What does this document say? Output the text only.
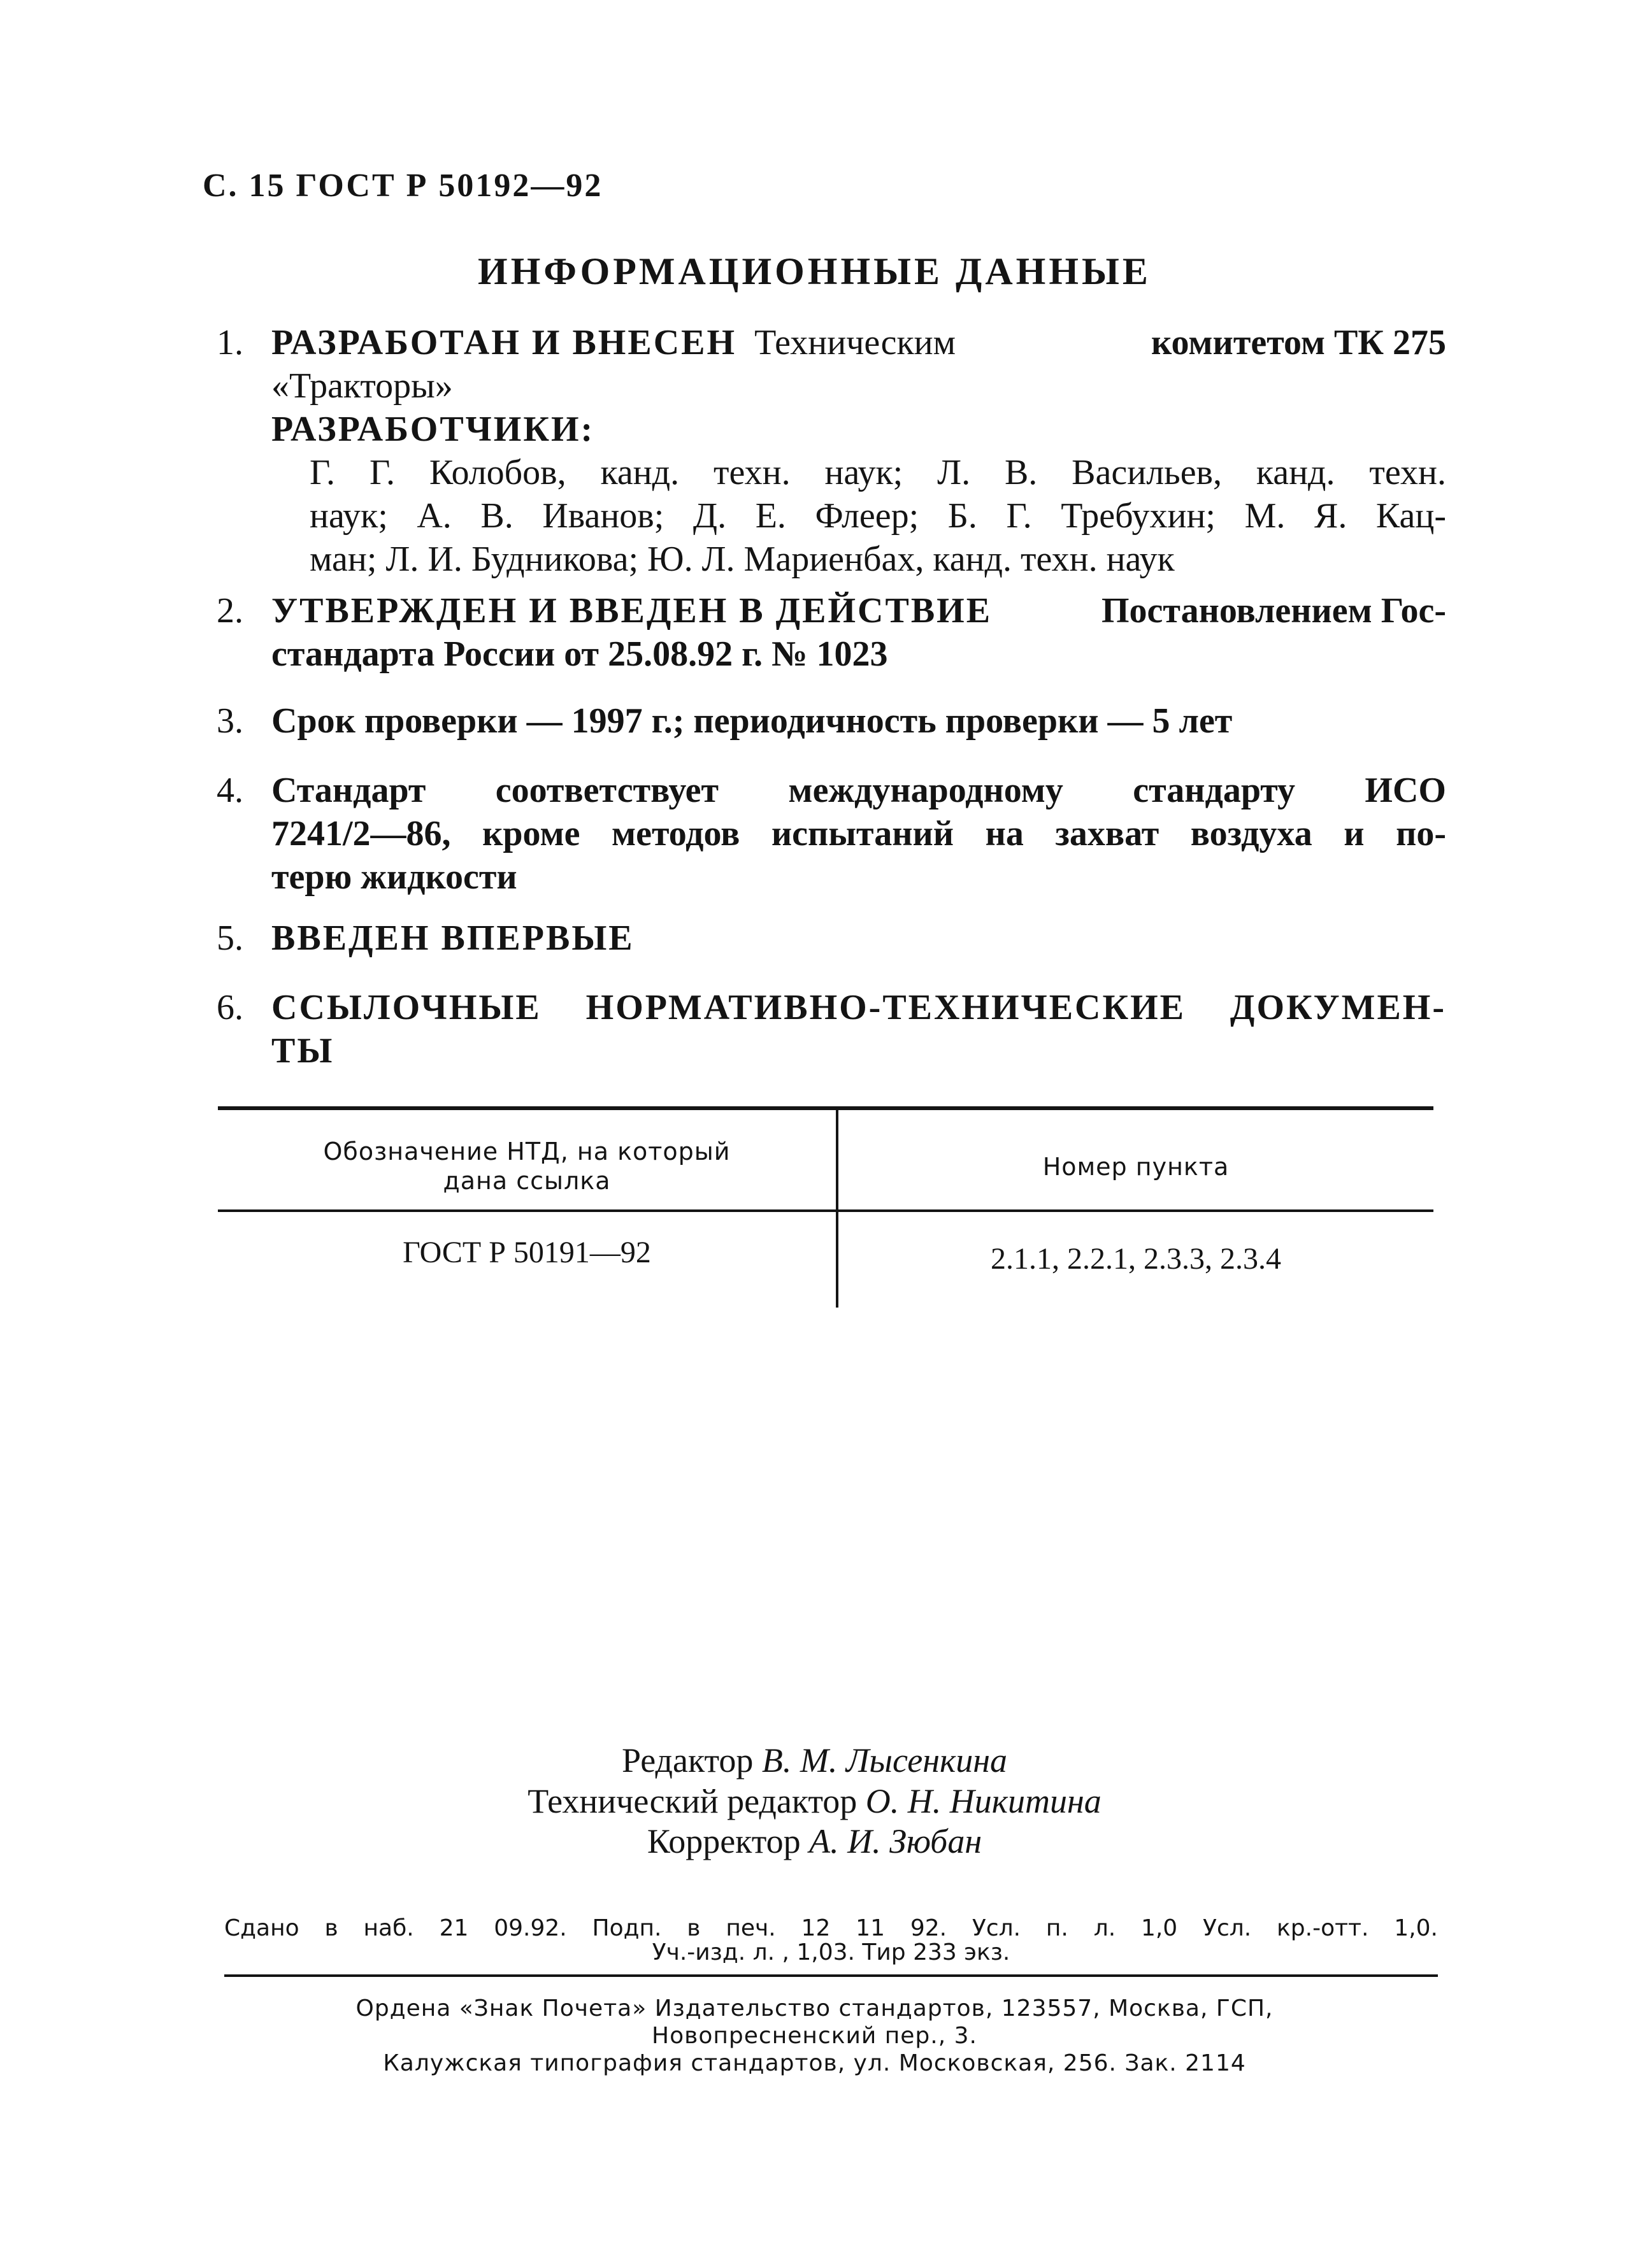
С. 15 ГОСТ Р 50192—92
ИНФОРМАЦИОННЫЕ ДАННЫЕ
1. РАЗРАБОТАН И ВНЕСЕН Техническим	комитетом ТК 275
«Тракторы»
РАЗРАБОТЧИКИ:
Г. Г. Колобов, канд. техн. наук; Л. В. Васильев, канд. техн.
наук; А. В. Иванов; Д. Е. Флеер; Б. Г. Требухин; М. Я. Кац-
ман; Л. И. Будникова; Ю. Л. Мариенбах, канд. техн. наук
2. УТВЕРЖДЕН И ВВЕДЕН В ДЕЙСТВИЕ	Постановлением Гос-
стандарта России от 25.08.92 г. № 1023
3. Срок проверки — 1997 г.; периодичность проверки — 5 лет
4. Стандарт соответствует международному стандарту ИСО
7241/2—86, кроме методов испытаний на захват воздуха и по-
терю жидкости
5. ВВЕДЕН ВПЕРВЫЕ
6. ССЫЛОЧНЫЕ НОРМАТИВНО-ТЕХНИЧЕСКИЕ ДОКУМЕН-
ТЫ
Обозначение НТД, на который
дана ссылка	Номер пункта
ГОСТ Р 50191—92	2.1.1, 2.2.1, 2.3.3, 2.3.4
Редактор В. М. Лысенкина
Технический редактор О. Н. Никитина
Корректор А. И. Зюбан
Сдано в наб. 21 09.92. Подп. в печ. 12 11 92. Усл. п. л. 1,0 Усл. кр.-отт. 1,0.
Уч.-изд. л. , 1,03. Тир 233 экз.
Ордена «Знак Почета» Издательство стандартов, 123557, Москва, ГСП,
Новопресненский пер., 3.
Калужская типография стандартов, ул. Московская, 256. Зак. 2114
